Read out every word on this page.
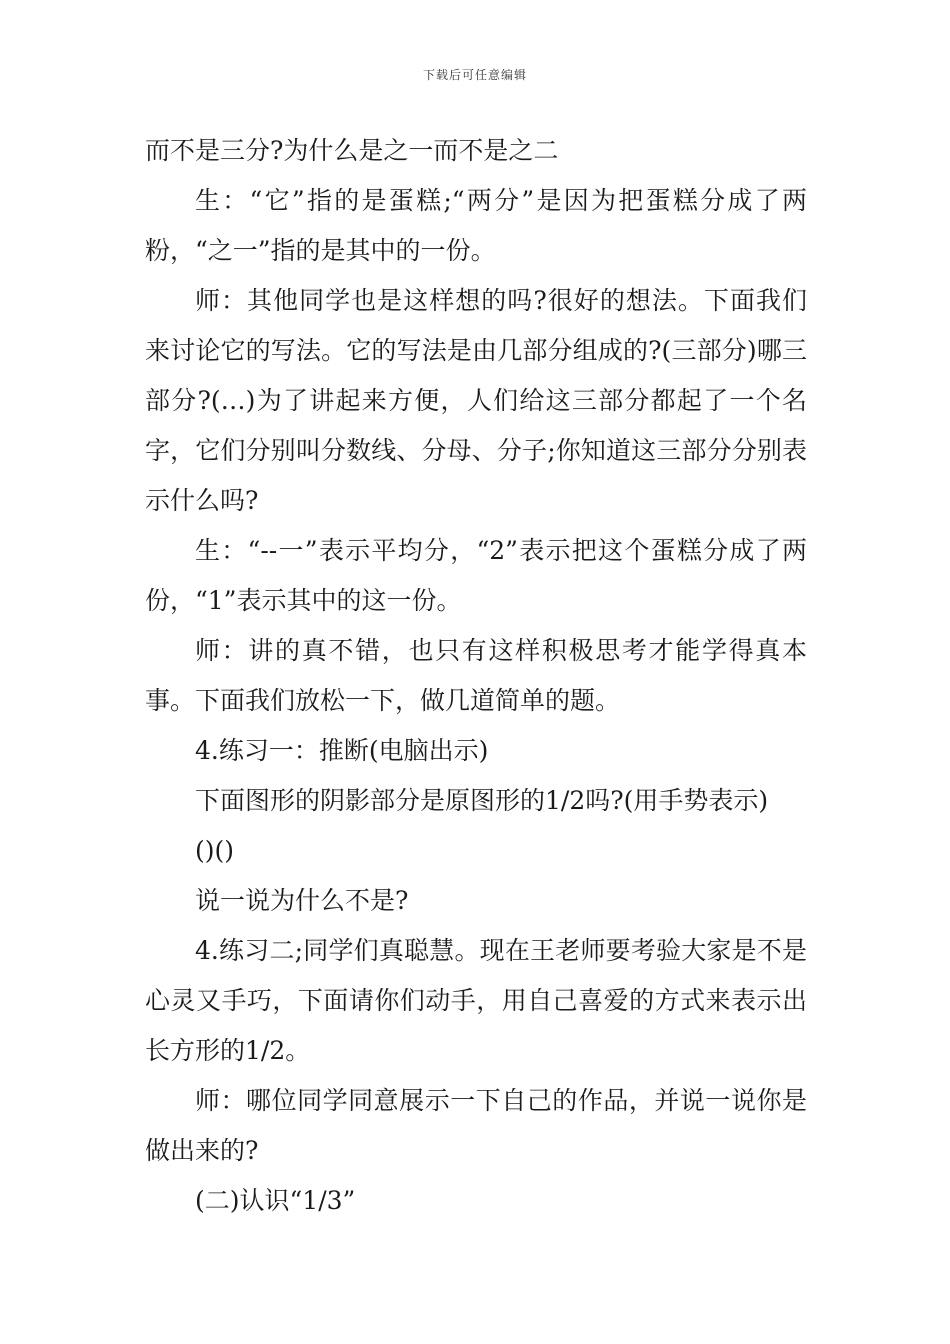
下载后可任意编辑

而不是三分?为什么是之一而不是之二

生：“它”指的是蛋糕;“两分”是因为把蛋糕分成了两粉，“之一”指的是其中的一份。

师：其他同学也是这样想的吗?很好的想法。下面我们来讨论它的写法。它的写法是由几部分组成的?(三部分)哪三部分?(…)为了讲起来方便，人们给这三部分都起了一个名字，它们分别叫分数线、分母、分子;你知道这三部分分别表示什么吗?

生：“--一”表示平均分，“2”表示把这个蛋糕分成了两份，“1”表示其中的这一份。

师：讲的真不错，也只有这样积极思考才能学得真本事。下面我们放松一下，做几道简单的题。

4.练习一：推断(电脑出示)

下面图形的阴影部分是原图形的1/2吗?(用手势表示)

()()

说一说为什么不是?

4.练习二;同学们真聪慧。现在王老师要考验大家是不是心灵又手巧，下面请你们动手，用自己喜爱的方式来表示出长方形的1/2。

师：哪位同学同意展示一下自己的作品，并说一说你是做出来的?

(二)认识“1/3”
